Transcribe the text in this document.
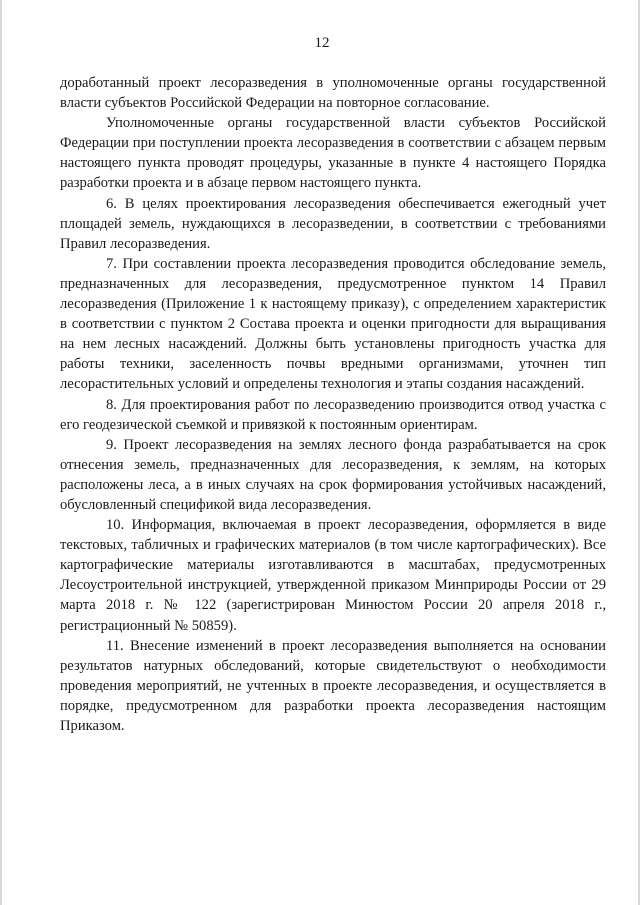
12

доработанный проект лесоразведения в уполномоченные органы государственной власти субъектов Российской Федерации на повторное согласование.

Уполномоченные органы государственной власти субъектов Российской Федерации при поступлении проекта лесоразведения в соответствии с абзацем первым настоящего пункта проводят процедуры, указанные в пункте 4 настоящего Порядка разработки проекта и в абзаце первом настоящего пункта.

6. В целях проектирования лесоразведения обеспечивается ежегодный учет площадей земель, нуждающихся в лесоразведении, в соответствии с требованиями Правил лесоразведения.

7. При составлении проекта лесоразведения проводится обследование земель, предназначенных для лесоразведения, предусмотренное пунктом 14 Правил лесоразведения (Приложение 1 к настоящему приказу), с определением характеристик в соответствии с пунктом 2 Состава проекта и оценки пригодности для выращивания на нем лесных насаждений. Должны быть установлены пригодность участка для работы техники, заселенность почвы вредными организмами, уточнен тип лесорастительных условий и определены технология и этапы создания насаждений.

8. Для проектирования работ по лесоразведению производится отвод участка с его геодезической съемкой и привязкой к постоянным ориентирам.

9. Проект лесоразведения на землях лесного фонда разрабатывается на срок отнесения земель, предназначенных для лесоразведения, к землям, на которых расположены леса, а в иных случаях на срок формирования устойчивых насаждений, обусловленный спецификой вида лесоразведения.

10. Информация, включаемая в проект лесоразведения, оформляется в виде текстовых, табличных и графических материалов (в том числе картографических). Все картографические материалы изготавливаются в масштабах, предусмотренных Лесоустроительной инструкцией, утвержденной приказом Минприроды России от 29 марта 2018 г. № 122 (зарегистрирован Минюстом России 20 апреля 2018 г., регистрационный № 50859).

11. Внесение изменений в проект лесоразведения выполняется на основании результатов натурных обследований, которые свидетельствуют о необходимости проведения мероприятий, не учтенных в проекте лесоразведения, и осуществляется в порядке, предусмотренном для разработки проекта лесоразведения настоящим Приказом.
